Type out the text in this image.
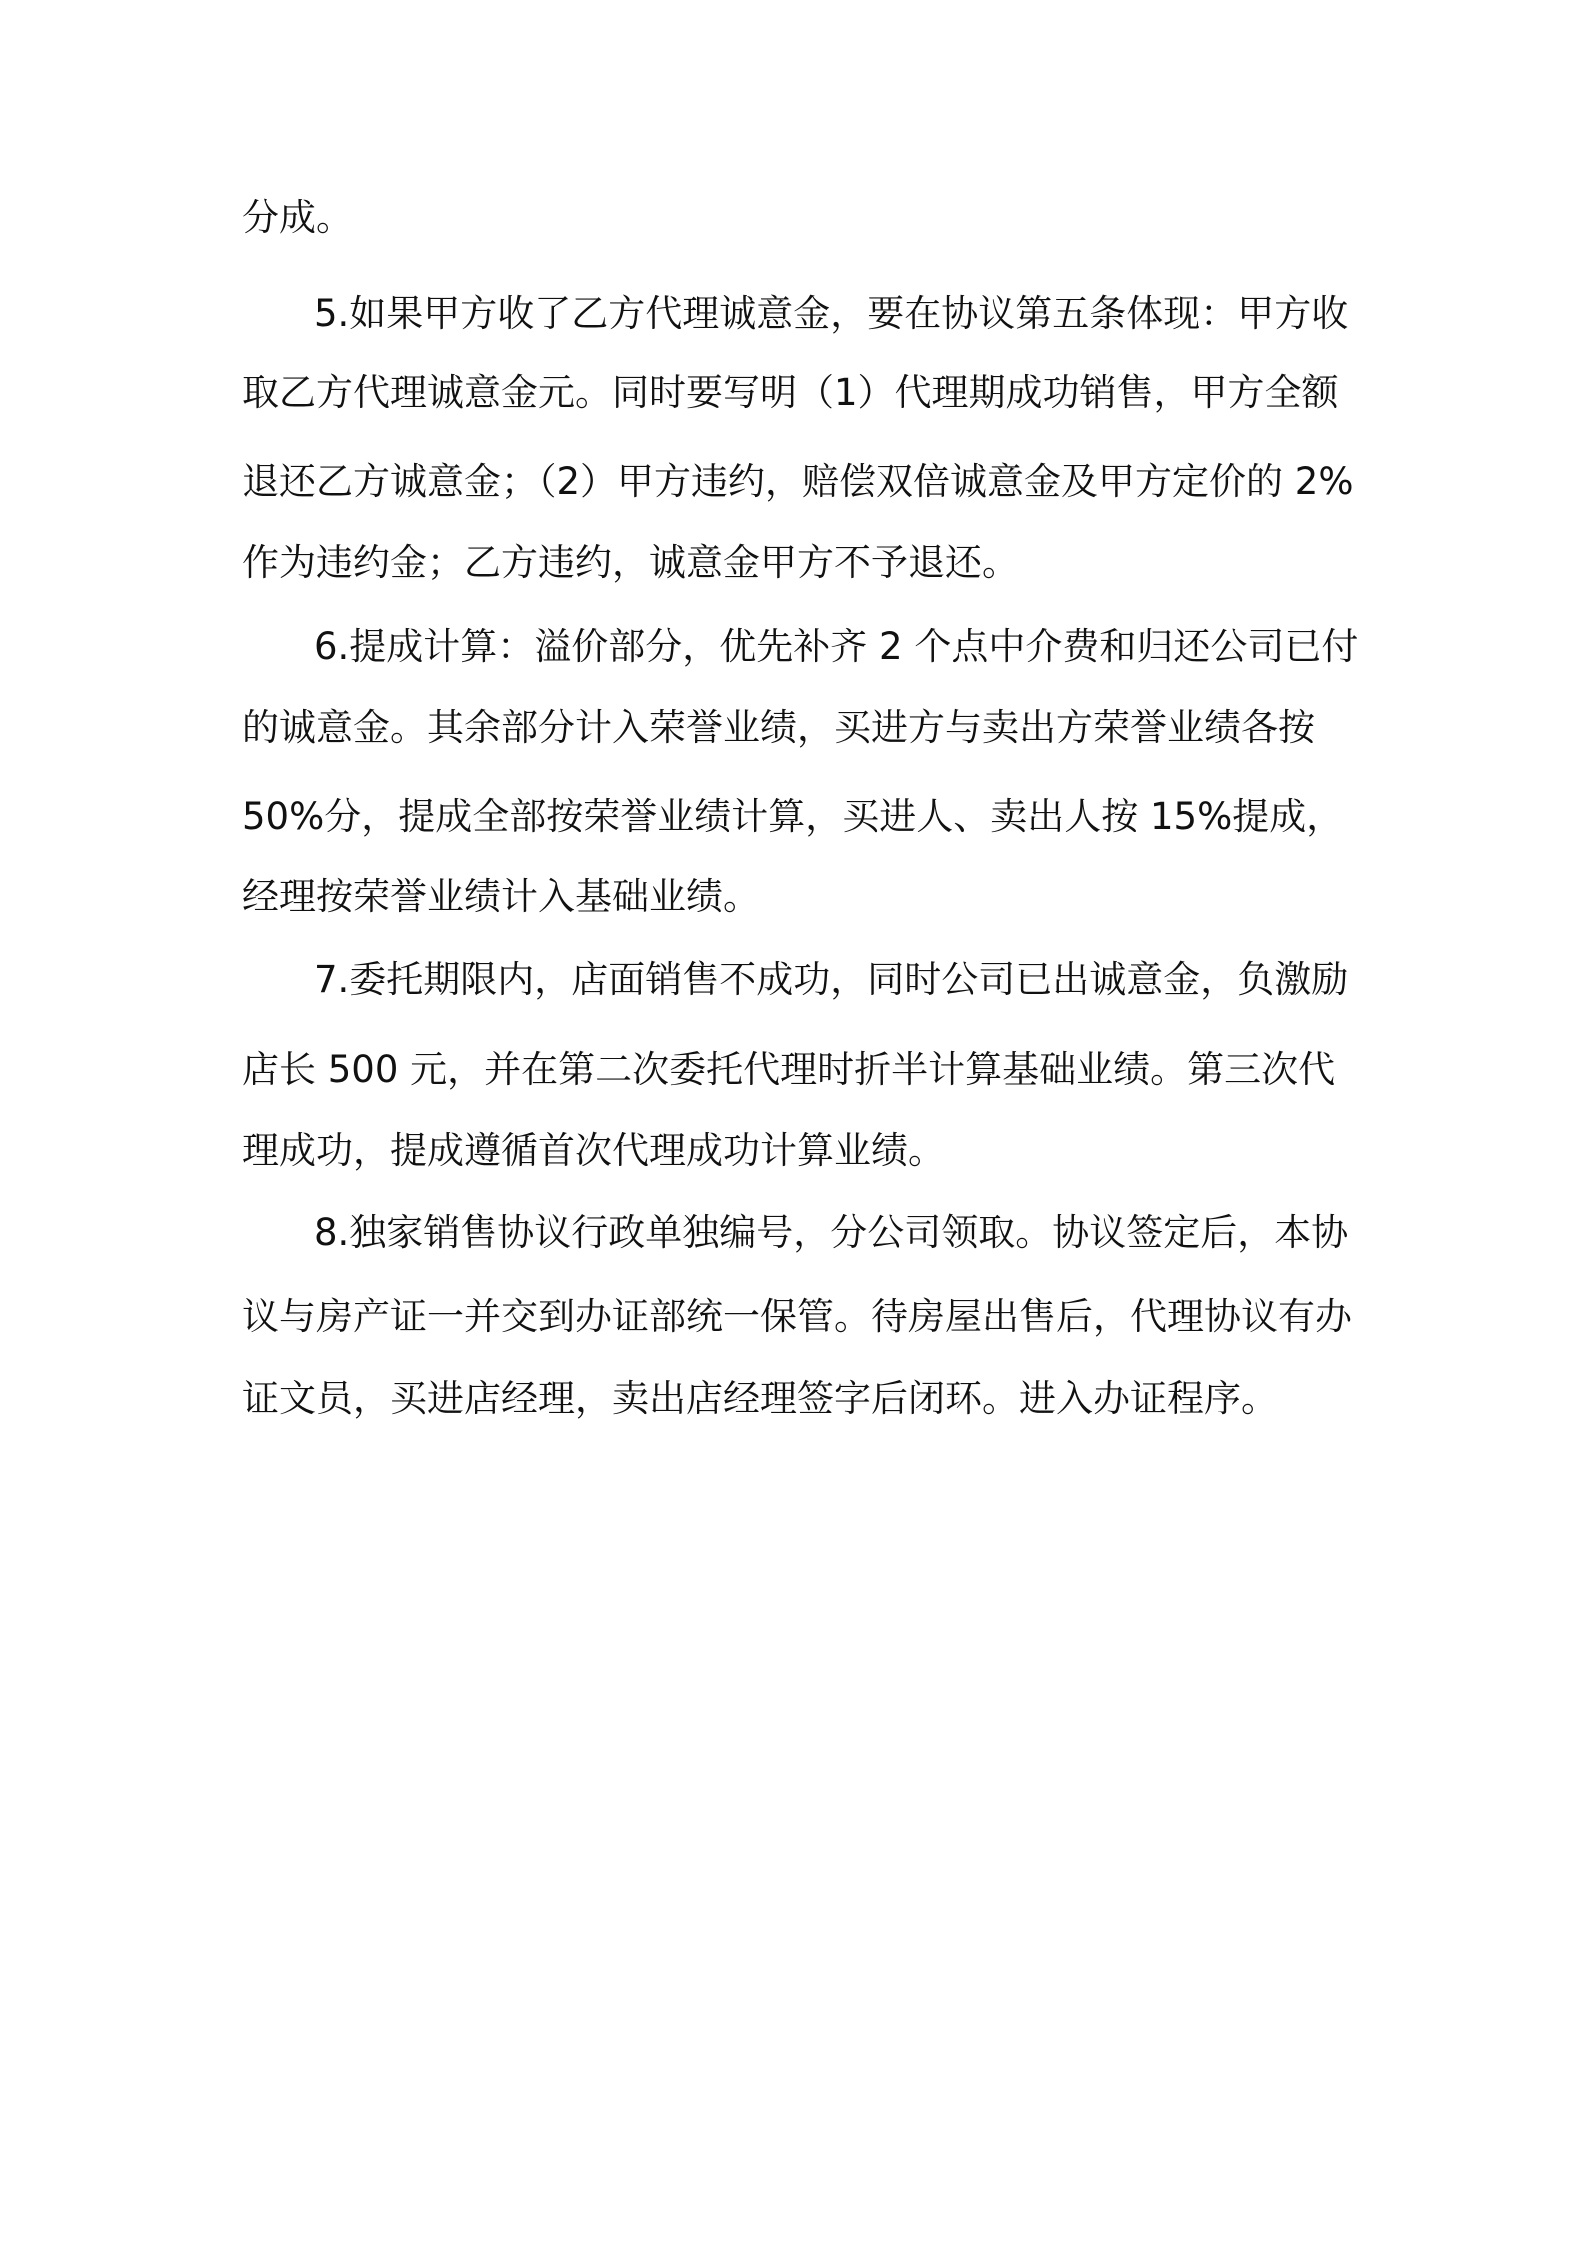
分成。
5.如果甲方收了乙方代理诚意金，要在协议第五条体现：甲方收
取乙方代理诚意金元。同时要写明（1）代理期成功销售，甲方全额
退还乙方诚意金；（2）甲方违约，赔偿双倍诚意金及甲方定价的 2%
作为违约金；乙方违约，诚意金甲方不予退还。
6.提成计算：溢价部分，优先补齐 2 个点中介费和归还公司已付
的诚意金。其余部分计入荣誉业绩，买进方与卖出方荣誉业绩各按
50%分，提成全部按荣誉业绩计算，买进人、卖出人按 15%提成，
经理按荣誉业绩计入基础业绩。
7.委托期限内，店面销售不成功，同时公司已出诚意金，负激励
店长 500 元，并在第二次委托代理时折半计算基础业绩。第三次代
理成功，提成遵循首次代理成功计算业绩。
8.独家销售协议行政单独编号，分公司领取。协议签定后，本协
议与房产证一并交到办证部统一保管。待房屋出售后，代理协议有办
证文员，买进店经理，卖出店经理签字后闭环。进入办证程序。
